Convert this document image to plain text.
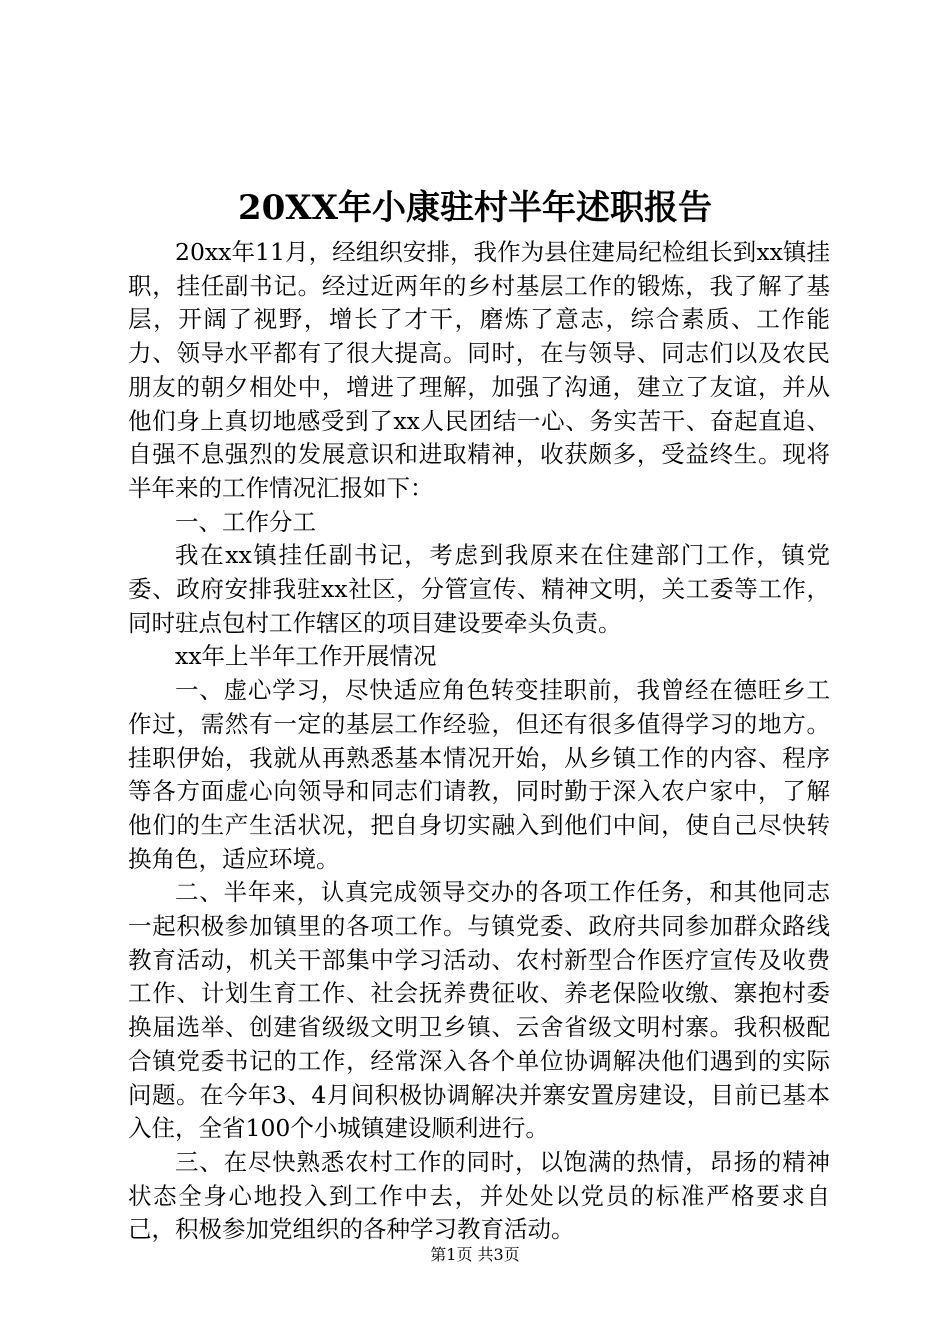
20XX年小康驻村半年述职报告

20xx年11月，经组织安排，我作为县住建局纪检组长到xx镇挂职，挂任副书记。经过近两年的乡村基层工作的锻炼，我了解了基层，开阔了视野，增长了才干，磨炼了意志，综合素质、工作能力、领导水平都有了很大提高。同时，在与领导、同志们以及农民朋友的朝夕相处中，增进了理解，加强了沟通，建立了友谊，并从他们身上真切地感受到了xx人民团结一心、务实苦干、奋起直追、自强不息强烈的发展意识和进取精神，收获颇多，受益终生。现将半年来的工作情况汇报如下：

一、工作分工

我在xx镇挂任副书记，考虑到我原来在住建部门工作，镇党委、政府安排我驻xx社区，分管宣传、精神文明，关工委等工作，同时驻点包村工作辖区的项目建设要牵头负责。

xx年上半年工作开展情况

一、虚心学习，尽快适应角色转变挂职前，我曾经在德旺乡工作过，需然有一定的基层工作经验，但还有很多值得学习的地方。挂职伊始，我就从再熟悉基本情况开始，从乡镇工作的内容、程序等各方面虚心向领导和同志们请教，同时勤于深入农户家中，了解他们的生产生活状况，把自身切实融入到他们中间，使自己尽快转换角色，适应环境。

二、半年来，认真完成领导交办的各项工作任务，和其他同志一起积极参加镇里的各项工作。与镇党委、政府共同参加群众路线教育活动，机关干部集中学习活动、农村新型合作医疗宣传及收费工作、计划生育工作、社会抚养费征收、养老保险收缴、寨抱村委换届选举、创建省级级文明卫乡镇、云舍省级文明村寨。我积极配合镇党委书记的工作，经常深入各个单位协调解决他们遇到的实际问题。在今年3、4月间积极协调解决并寨安置房建设，目前已基本入住，全省100个小城镇建设顺利进行。

三、在尽快熟悉农村工作的同时，以饱满的热情，昂扬的精神状态全身心地投入到工作中去，并处处以党员的标准严格要求自己，积极参加党组织的各种学习教育活动。

第1页 共3页
